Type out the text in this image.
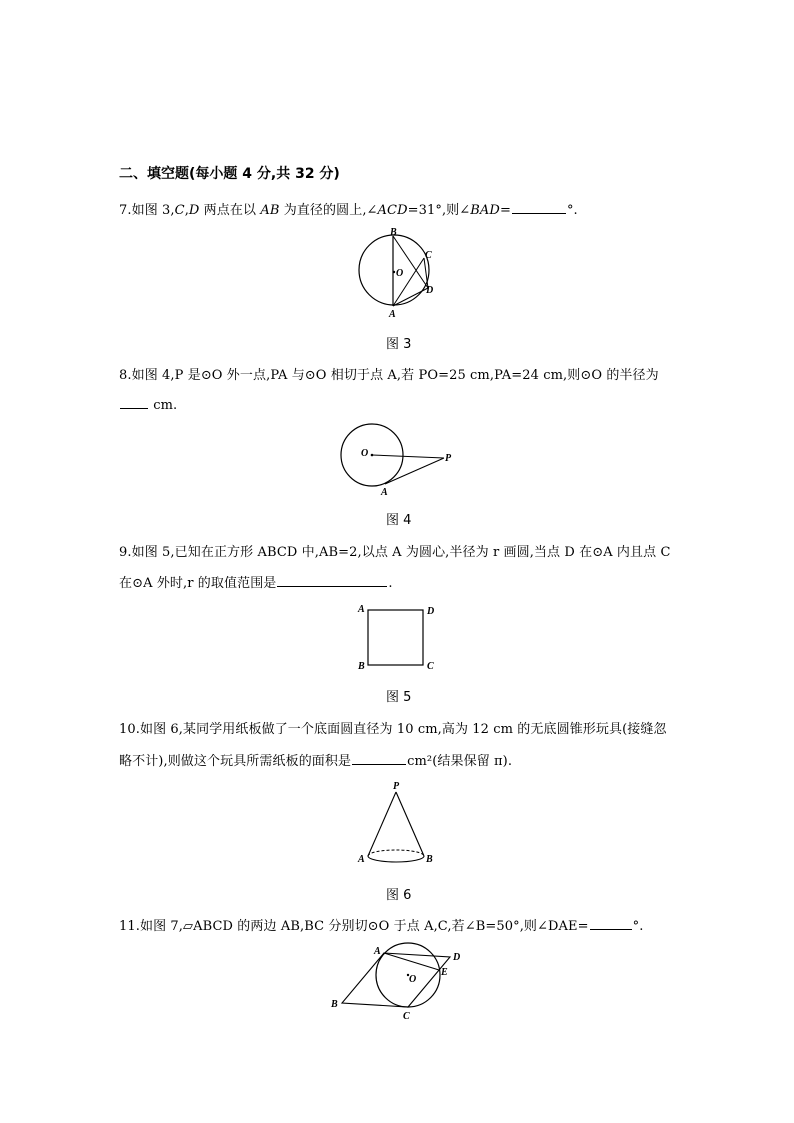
二、填空题(每小题 4 分,共 32 分)
7.如图 3,C,D 两点在以 AB 为直径的圆上,∠ACD=31°,则∠BAD=	°.
B
C
O
D
A
图 3
8.如图 4,P 是⊙O 外一点,PA 与⊙O 相切于点 A,若 PO=25 cm,PA=24 cm,则⊙O 的半径为
cm.
O	P
A
图 4
9.如图 5,已知在正方形 ABCD 中,AB=2,以点 A 为圆心,半径为 r 画圆,当点 D 在⊙A 内且点 C
在⊙A 外时,r 的取值范围是	.
A	D
B	C
图 5
10.如图 6,某同学用纸板做了一个底面圆直径为 10 cm,高为 12 cm 的无底圆锥形玩具(接缝忽
略不计),则做这个玩具所需纸板的面积是	cm²(结果保留 π).
P
A	B
图 6
11.如图 7,▱ABCD 的两边 AB,BC 分别切⊙O 于点 A,C,若∠B=50°,则∠DAE=	°.
A
D
E
O
B
C
